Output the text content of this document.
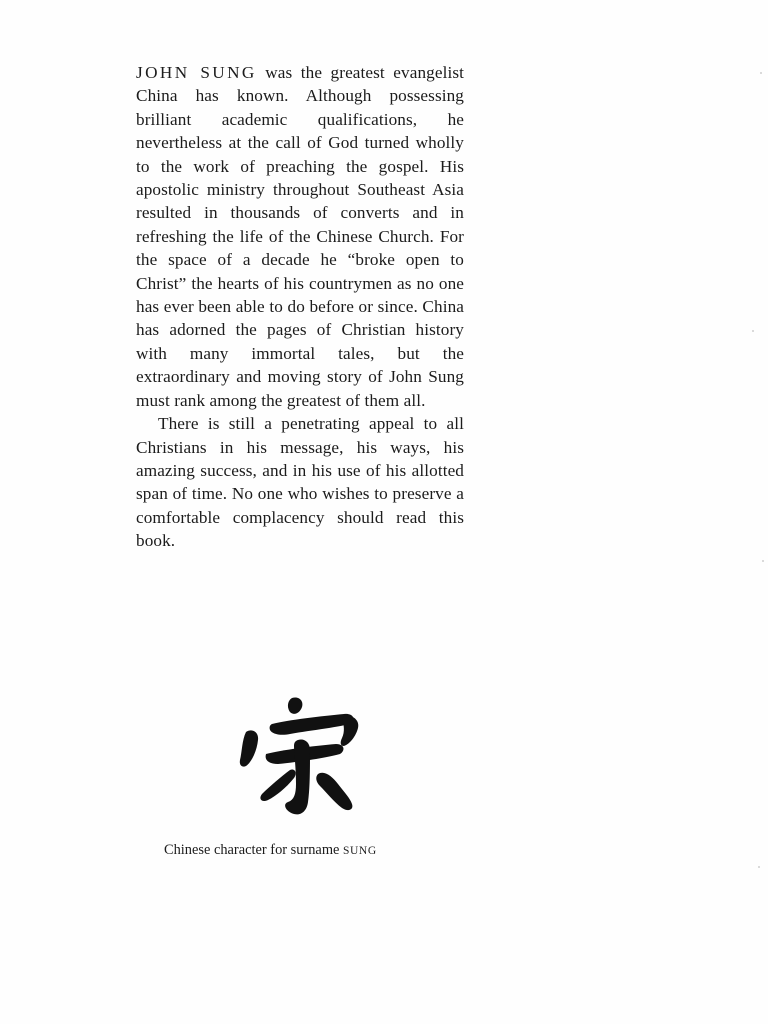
JOHN SUNG was the greatest evangelist China has known. Although possessing brilliant academic qualifications, he nevertheless at the call of God turned wholly to the work of preaching the gospel. His apostolic ministry throughout Southeast Asia resulted in thousands of converts and in refreshing the life of the Chinese Church. For the space of a decade he “broke open to Christ” the hearts of his countrymen as no one has ever been able to do before or since. China has adorned the pages of Christian history with many immortal tales, but the extraordinary and moving story of John Sung must rank among the greatest of them all.

There is still a penetrating appeal to all Christians in his message, his ways, his amazing success, and in his use of his allotted span of time. No one who wishes to preserve a comfortable complacency should read this book.

Chinese character for surname SUNG
